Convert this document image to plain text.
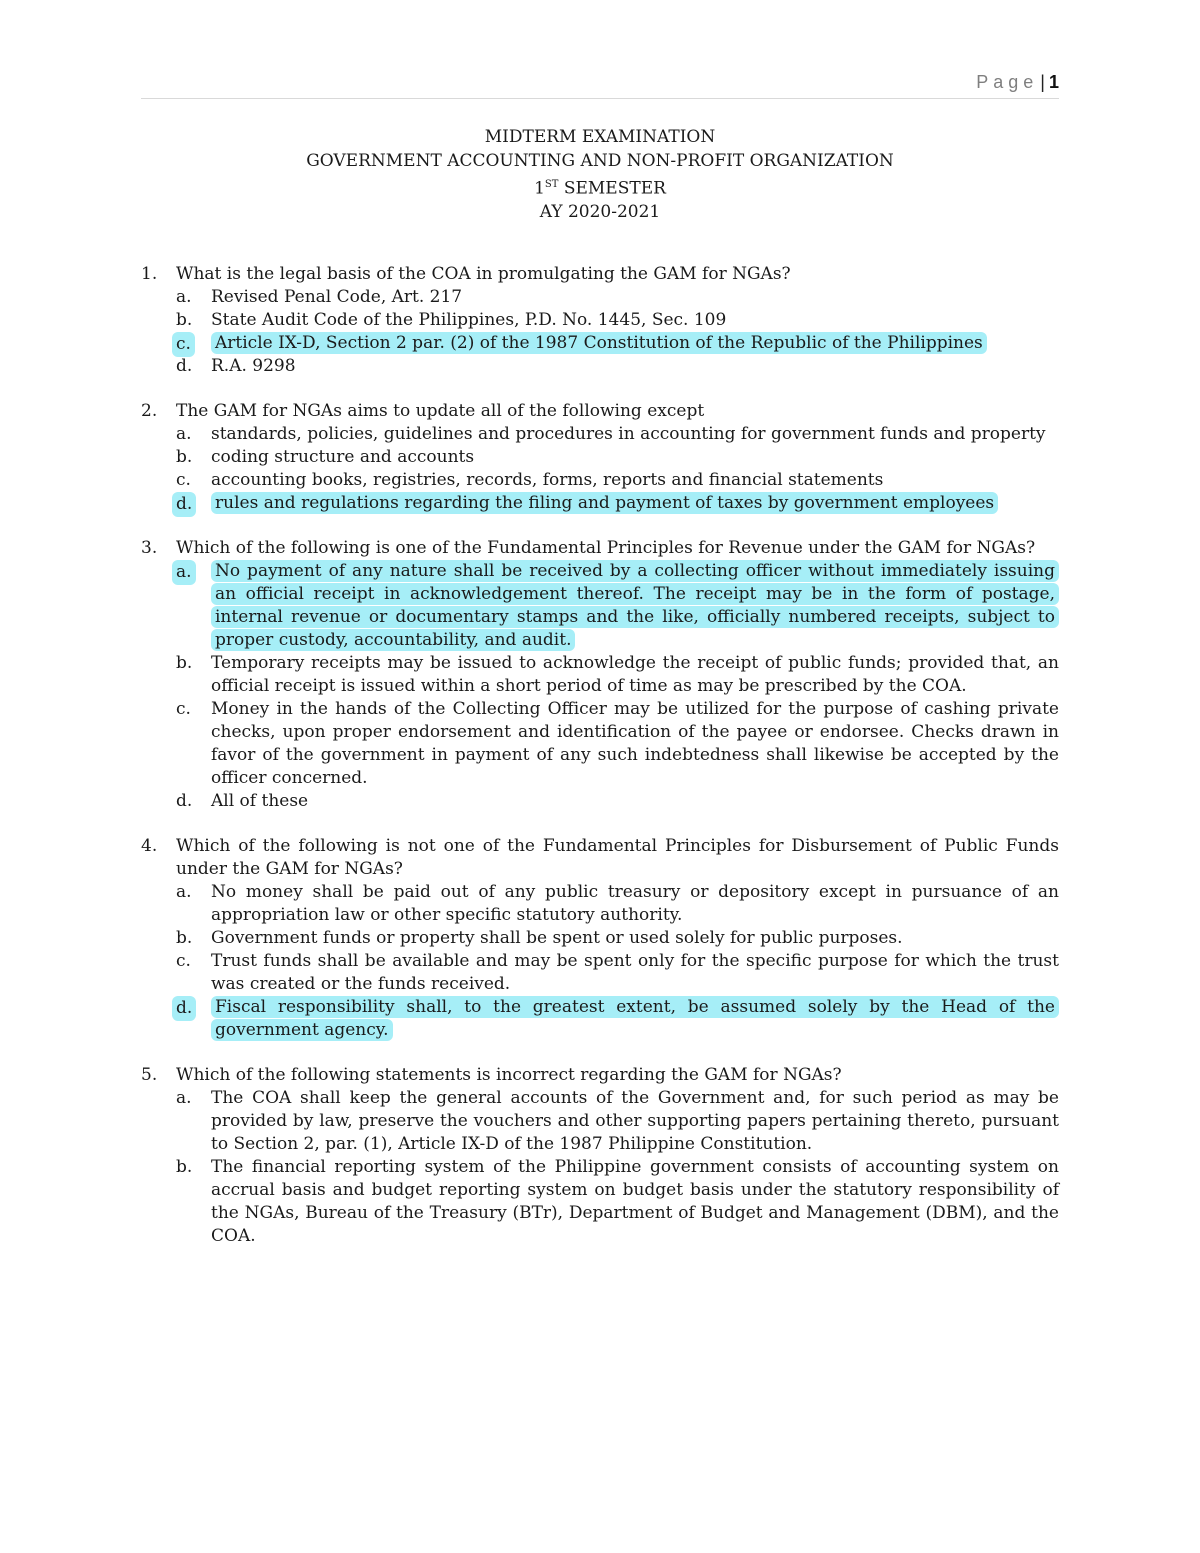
Page | 1
MIDTERM EXAMINATION
GOVERNMENT ACCOUNTING AND NON-PROFIT ORGANIZATION
1ST SEMESTER
AY 2020-2021
1. What is the legal basis of the COA in promulgating the GAM for NGAs?
a. Revised Penal Code, Art. 217
b. State Audit Code of the Philippines, P.D. No. 1445, Sec. 109
c. Article IX-D, Section 2 par. (2) of the 1987 Constitution of the Republic of the Philippines
d. R.A. 9298
2. The GAM for NGAs aims to update all of the following except
a. standards, policies, guidelines and procedures in accounting for government funds and property
b. coding structure and accounts
c. accounting books, registries, records, forms, reports and financial statements
d. rules and regulations regarding the filing and payment of taxes by government employees
3. Which of the following is one of the Fundamental Principles for Revenue under the GAM for NGAs?
a. No payment of any nature shall be received by a collecting officer without immediately issuing an official receipt in acknowledgement thereof. The receipt may be in the form of postage, internal revenue or documentary stamps and the like, officially numbered receipts, subject to proper custody, accountability, and audit.
b. Temporary receipts may be issued to acknowledge the receipt of public funds; provided that, an official receipt is issued within a short period of time as may be prescribed by the COA.
c. Money in the hands of the Collecting Officer may be utilized for the purpose of cashing private checks, upon proper endorsement and identification of the payee or endorsee. Checks drawn in favor of the government in payment of any such indebtedness shall likewise be accepted by the officer concerned.
d. All of these
4. Which of the following is not one of the Fundamental Principles for Disbursement of Public Funds under the GAM for NGAs?
a. No money shall be paid out of any public treasury or depository except in pursuance of an appropriation law or other specific statutory authority.
b. Government funds or property shall be spent or used solely for public purposes.
c. Trust funds shall be available and may be spent only for the specific purpose for which the trust was created or the funds received.
d. Fiscal responsibility shall, to the greatest extent, be assumed solely by the Head of the government agency.
5. Which of the following statements is incorrect regarding the GAM for NGAs?
a. The COA shall keep the general accounts of the Government and, for such period as may be provided by law, preserve the vouchers and other supporting papers pertaining thereto, pursuant to Section 2, par. (1), Article IX-D of the 1987 Philippine Constitution.
b. The financial reporting system of the Philippine government consists of accounting system on accrual basis and budget reporting system on budget basis under the statutory responsibility of the NGAs, Bureau of the Treasury (BTr), Department of Budget and Management (DBM), and the COA.
